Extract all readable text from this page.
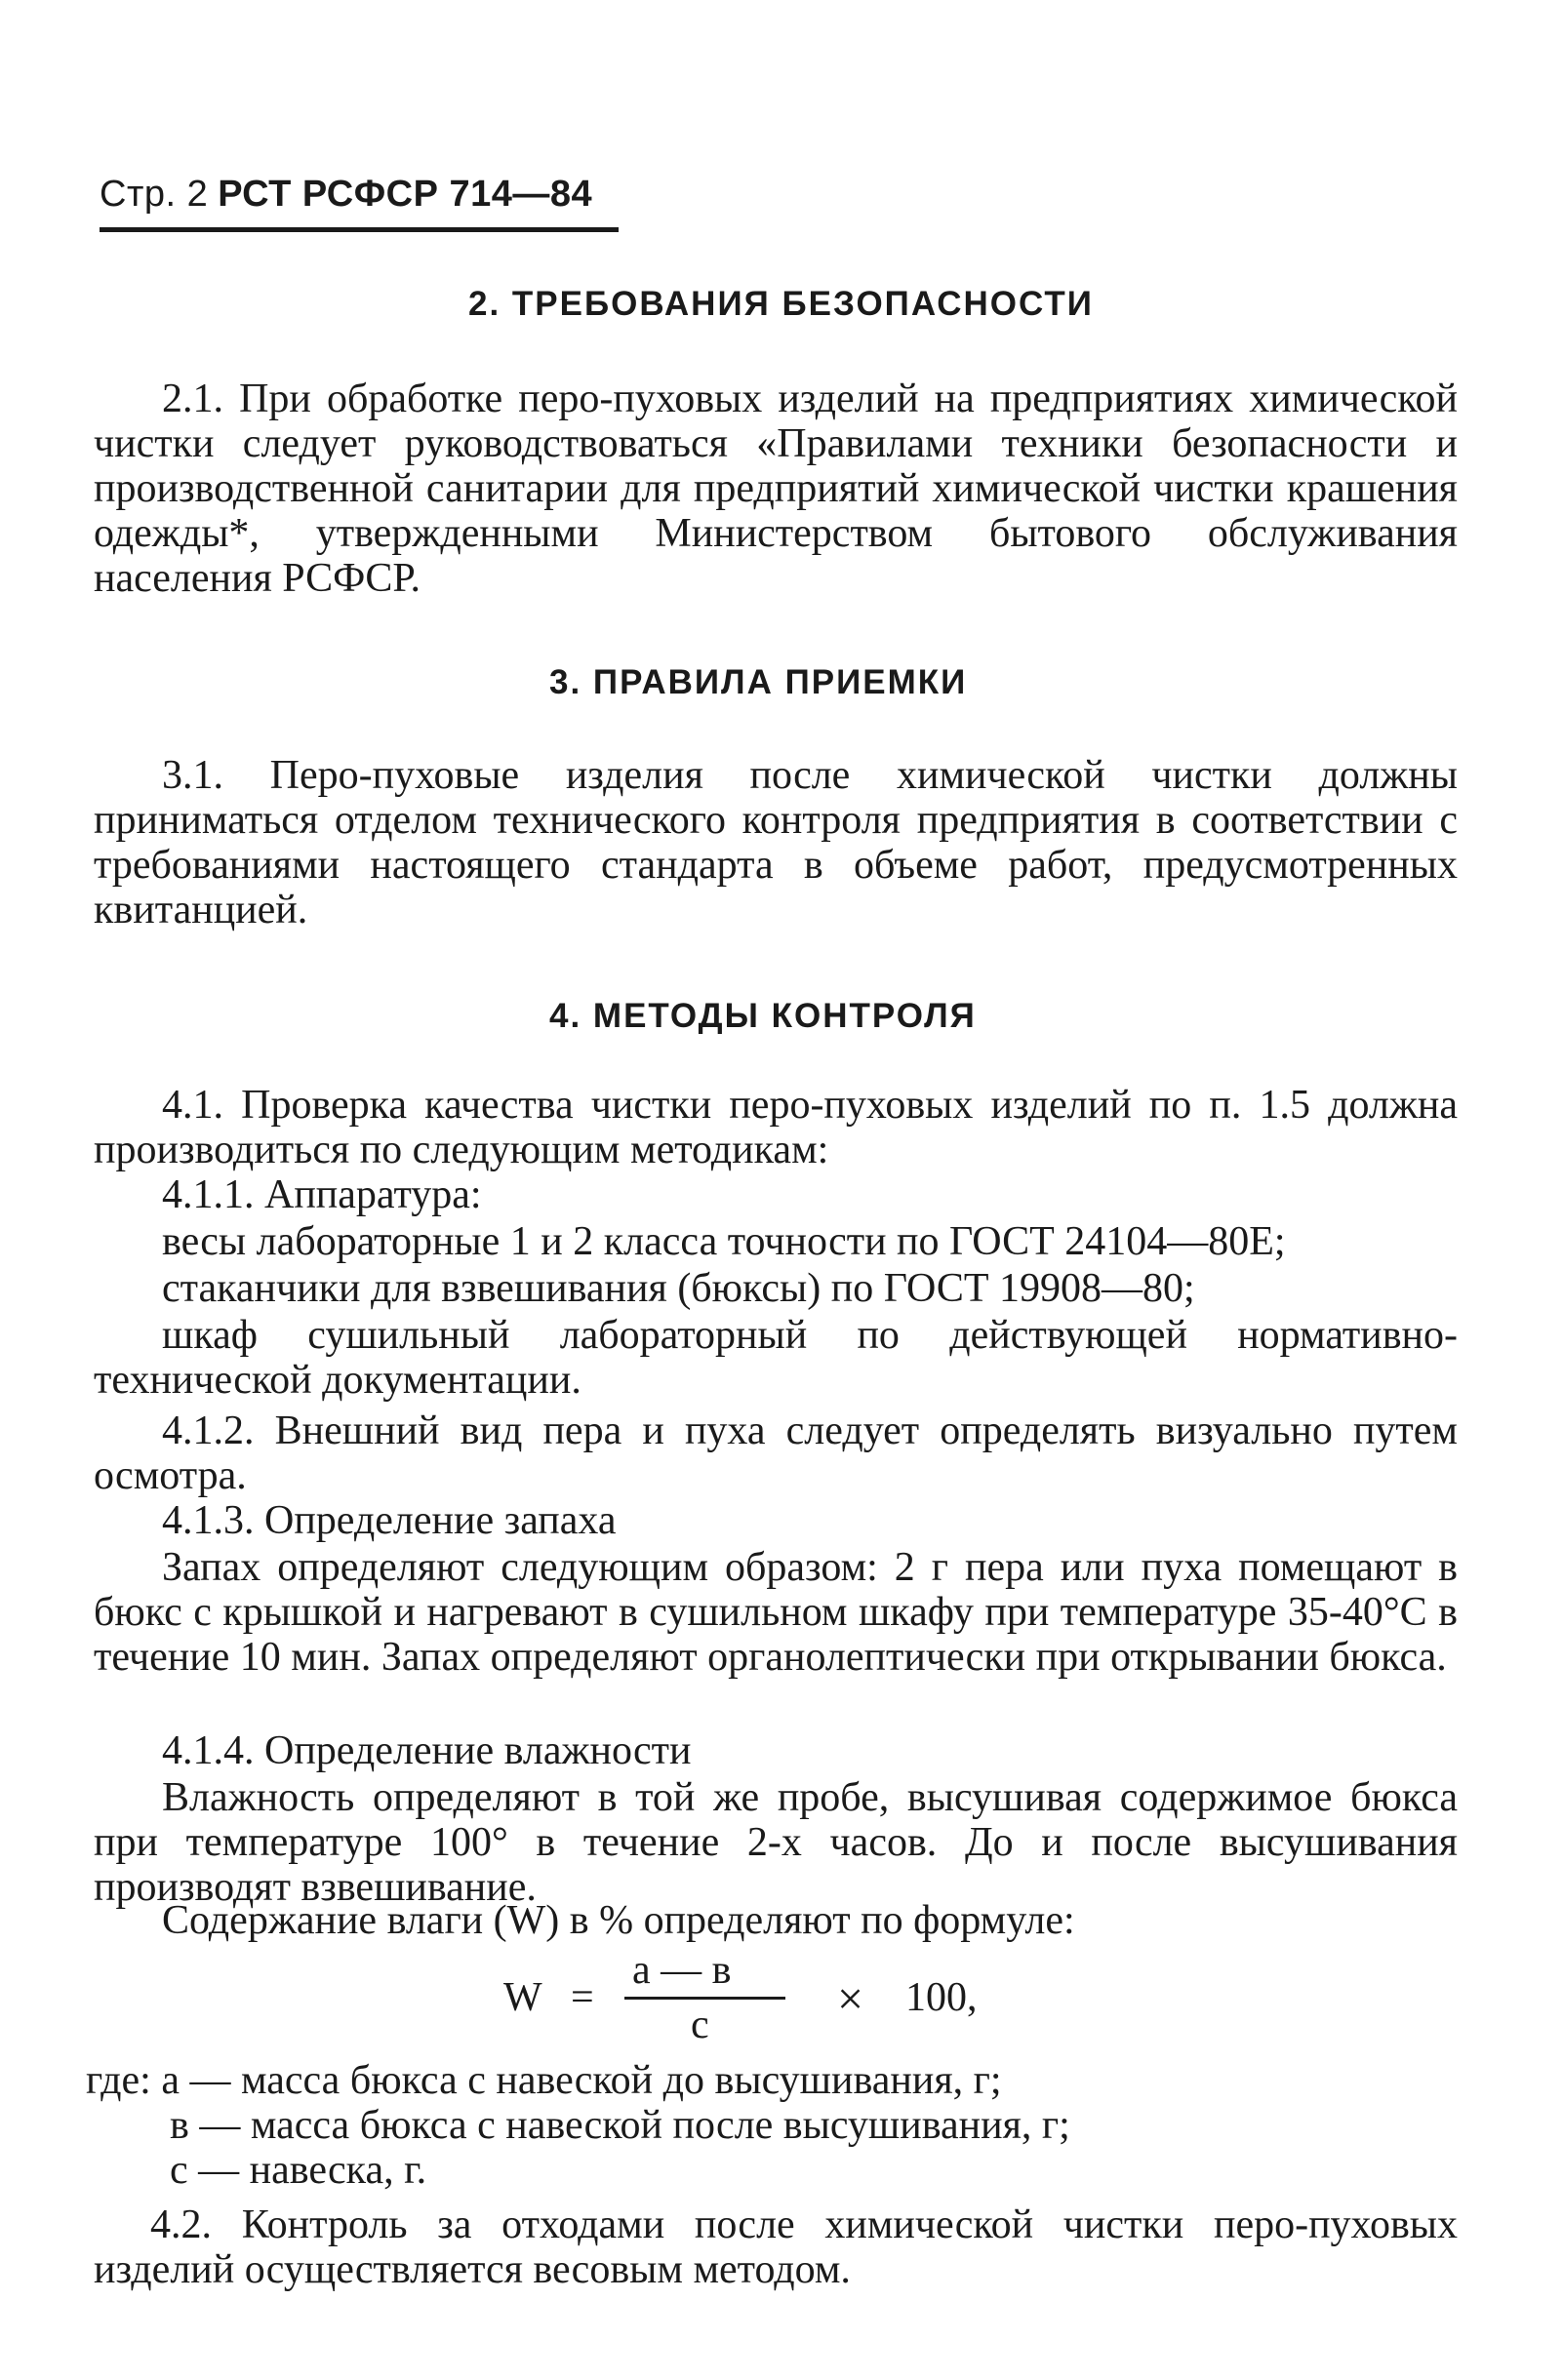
Стр. 2 РСТ РСФСР 714—84
2. ТРЕБОВАНИЯ БЕЗОПАСНОСТИ

2.1. При обработке перо-пуховых изделий на предприятиях химической чистки следует руководствоваться «Правилами техники безопасности и производственной санитарии для предприятий химической чистки крашения одежды*, утвержденными Министерством бытового обслуживания населения РСФСР.

3. ПРАВИЛА ПРИЕМКИ

3.1. Перо-пуховые изделия после химической чистки должны приниматься отделом технического контроля предприятия в соответствии с требованиями настоящего стандарта в объеме работ, предусмотренных квитанцией.

4. МЕТОДЫ КОНТРОЛЯ

4.1. Проверка качества чистки перо-пуховых изделий по п. 1.5 должна производиться по следующим методикам:

4.1.1. Аппаратура:
весы лабораторные 1 и 2 класса точности по ГОСТ 24104—80Е;
стаканчики для взвешивания (бюксы) по ГОСТ 19908—80;

шкаф сушильный лабораторный по действующей нормативно-технической документации.

4.1.2. Внешний вид пера и пуха следует определять визуально путем осмотра.

4.1.3. Определение запаха

Запах определяют следующим образом: 2 г пера или пуха помещают в бюкс с крышкой и нагревают в сушильном шкафу при температуре 35-40°С в течение 10 мин. Запах определяют органолептически при открывании бюкса.

4.1.4. Определение влажности

Влажность определяют в той же пробе, высушивая содержимое бюкса при температуре 100° в течение 2-х часов. До и после высушивания производят взвешивание.

Содержание влаги (W) в % определяют по формуле:
W =
а — в
с	× 100,
где: а — масса бюкса с навеской до высушивания, г;
в — масса бюкса с навеской после высушивания, г;
с — навеска, г.

4.2. Контроль за отходами после химической чистки перо-пуховых изделий осуществляется весовым методом.
